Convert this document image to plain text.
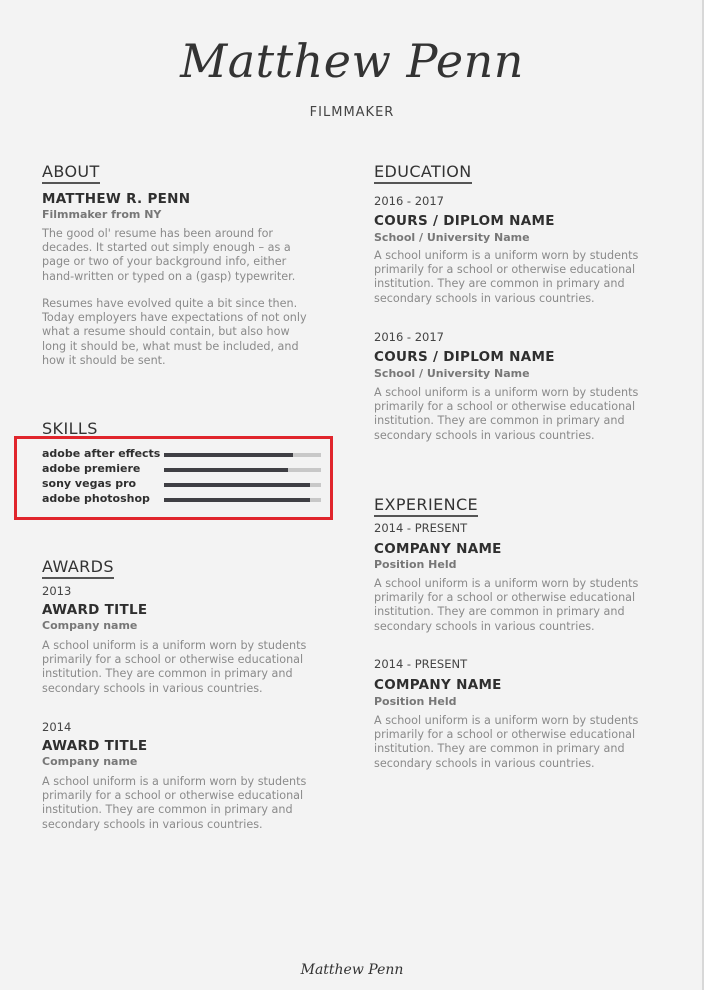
Matthew Penn
FILMMAKER
ABOUT
MATTHEW R. PENN
Filmmaker from NY
The good ol' resume has been around for
decades. It started out simply enough – as a
page or two of your background info, either
hand-written or typed on a (gasp) typewriter.
Resumes have evolved quite a bit since then.
Today employers have expectations of not only
what a resume should contain, but also how
long it should be, what must be included, and
how it should be sent.
SKILLS
adobe after effects
adobe premiere
sony vegas pro
adobe photoshop
AWARDS
2013
AWARD TITLE
Company name
A school uniform is a uniform worn by students
primarily for a school or otherwise educational
institution. They are common in primary and
secondary schools in various countries.
2014
AWARD TITLE
Company name
A school uniform is a uniform worn by students
primarily for a school or otherwise educational
institution. They are common in primary and
secondary schools in various countries.
EDUCATION
2016 - 2017
COURS / DIPLOM NAME
School / University Name
A school uniform is a uniform worn by students
primarily for a school or otherwise educational
institution. They are common in primary and
secondary schools in various countries.
2016 - 2017
COURS / DIPLOM NAME
School / University Name
A school uniform is a uniform worn by students
primarily for a school or otherwise educational
institution. They are common in primary and
secondary schools in various countries.
EXPERIENCE
2014 - PRESENT
COMPANY NAME
Position Held
A school uniform is a uniform worn by students
primarily for a school or otherwise educational
institution. They are common in primary and
secondary schools in various countries.
2014 - PRESENT
COMPANY NAME
Position Held
A school uniform is a uniform worn by students
primarily for a school or otherwise educational
institution. They are common in primary and
secondary schools in various countries.
Matthew Penn
